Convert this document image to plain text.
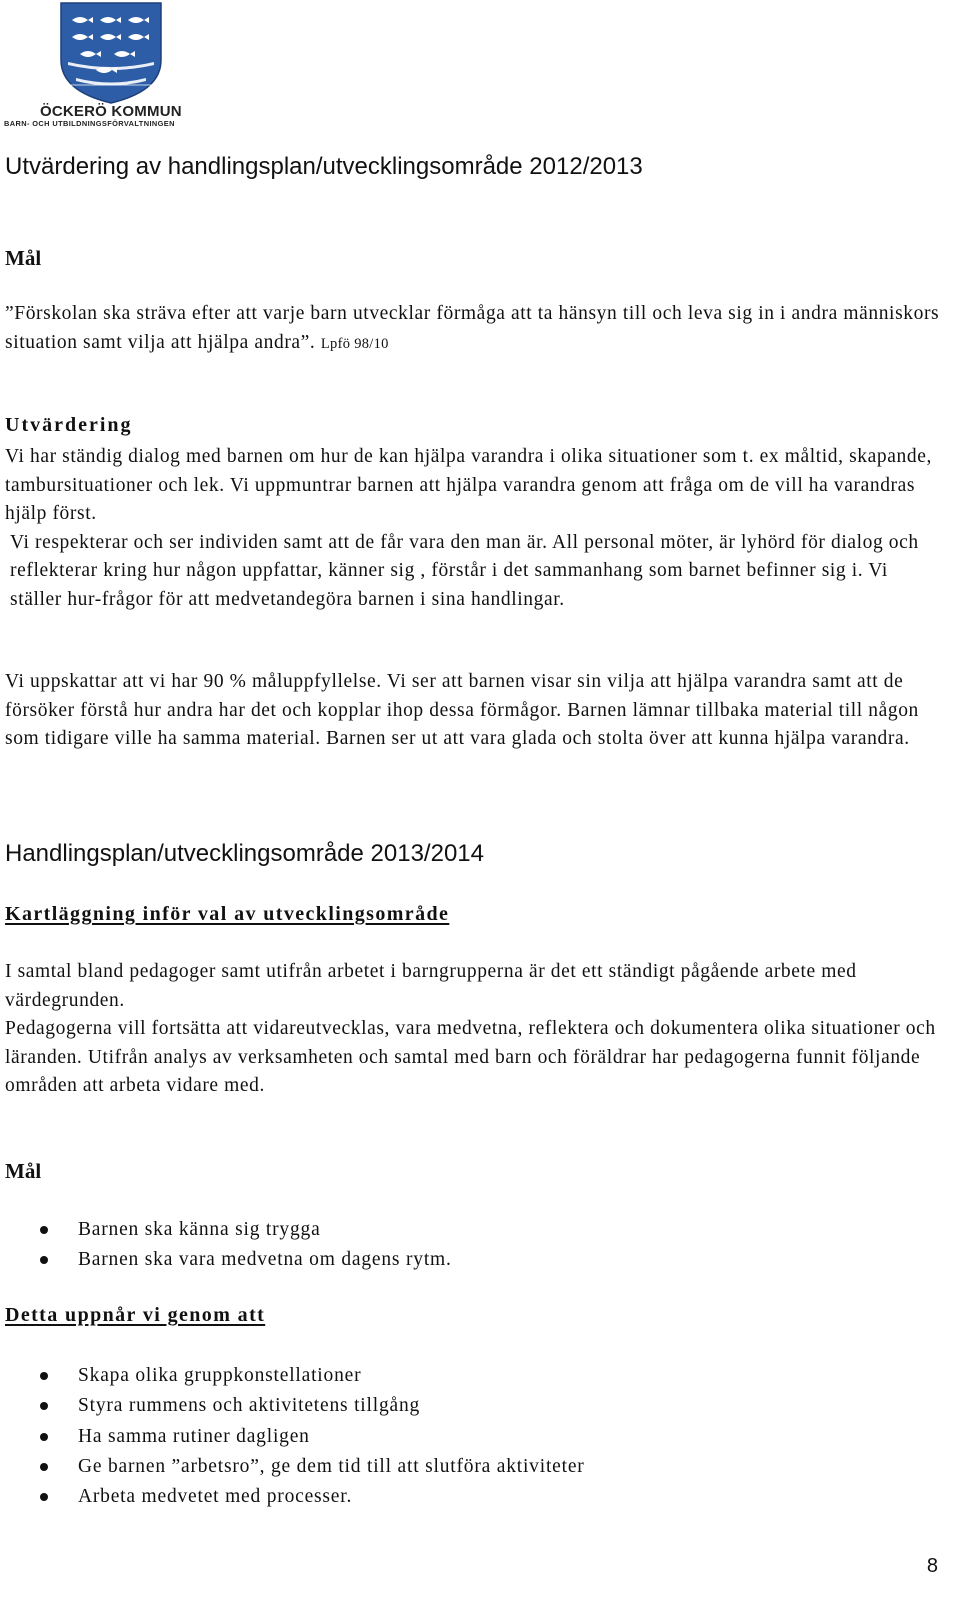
ÖCKERÖ KOMMUN
BARN- OCH UTBILDNINGSFÖRVALTNINGEN
Utvärdering av handlingsplan/utvecklingsområde 2012/2013
Mål

”Förskolan ska sträva efter att varje barn utvecklar förmåga att ta hänsyn till och leva sig in i andra människors situation samt vilja att hjälpa andra”. Lpfö 98/10

Utvärdering

Vi har ständig dialog med barnen om hur de kan hjälpa varandra i olika situationer som t. ex måltid, skapande, tambursituationer och lek. Vi uppmuntrar barnen att hjälpa varandra genom att fråga om de vill ha varandras hjälp först.

Vi respekterar och ser individen samt att de får vara den man är. All personal möter, är lyhörd för dialog och reflekterar kring hur någon uppfattar, känner sig , förstår i det sammanhang som barnet befinner sig i. Vi ställer hur-frågor för att medvetandegöra barnen i sina handlingar.

Vi uppskattar att vi har 90 % måluppfyllelse. Vi ser att barnen visar sin vilja att hjälpa varandra samt att de försöker förstå hur andra har det och kopplar ihop dessa förmågor. Barnen lämnar tillbaka material till någon som tidigare ville ha samma material. Barnen ser ut att vara glada och stolta över att kunna hjälpa varandra.

Handlingsplan/utvecklingsområde 2013/2014
Kartläggning inför val av utvecklingsområde

I samtal bland pedagoger samt utifrån arbetet i barngrupperna är det ett ständigt pågående arbete med värdegrunden.

Pedagogerna vill fortsätta att vidareutvecklas, vara medvetna, reflektera och dokumentera olika situationer och läranden. Utifrån analys av verksamheten och samtal med barn och föräldrar har pedagogerna funnit följande områden att arbeta vidare med.

Mål
Barnen ska känna sig trygga
Barnen ska vara medvetna om dagens rytm.
Detta uppnår vi genom att
Skapa olika gruppkonstellationer
Styra rummens och aktivitetens tillgång
Ha samma rutiner dagligen
Ge barnen ”arbetsro”, ge dem tid till att slutföra aktiviteter
Arbeta medvetet med processer.
8
